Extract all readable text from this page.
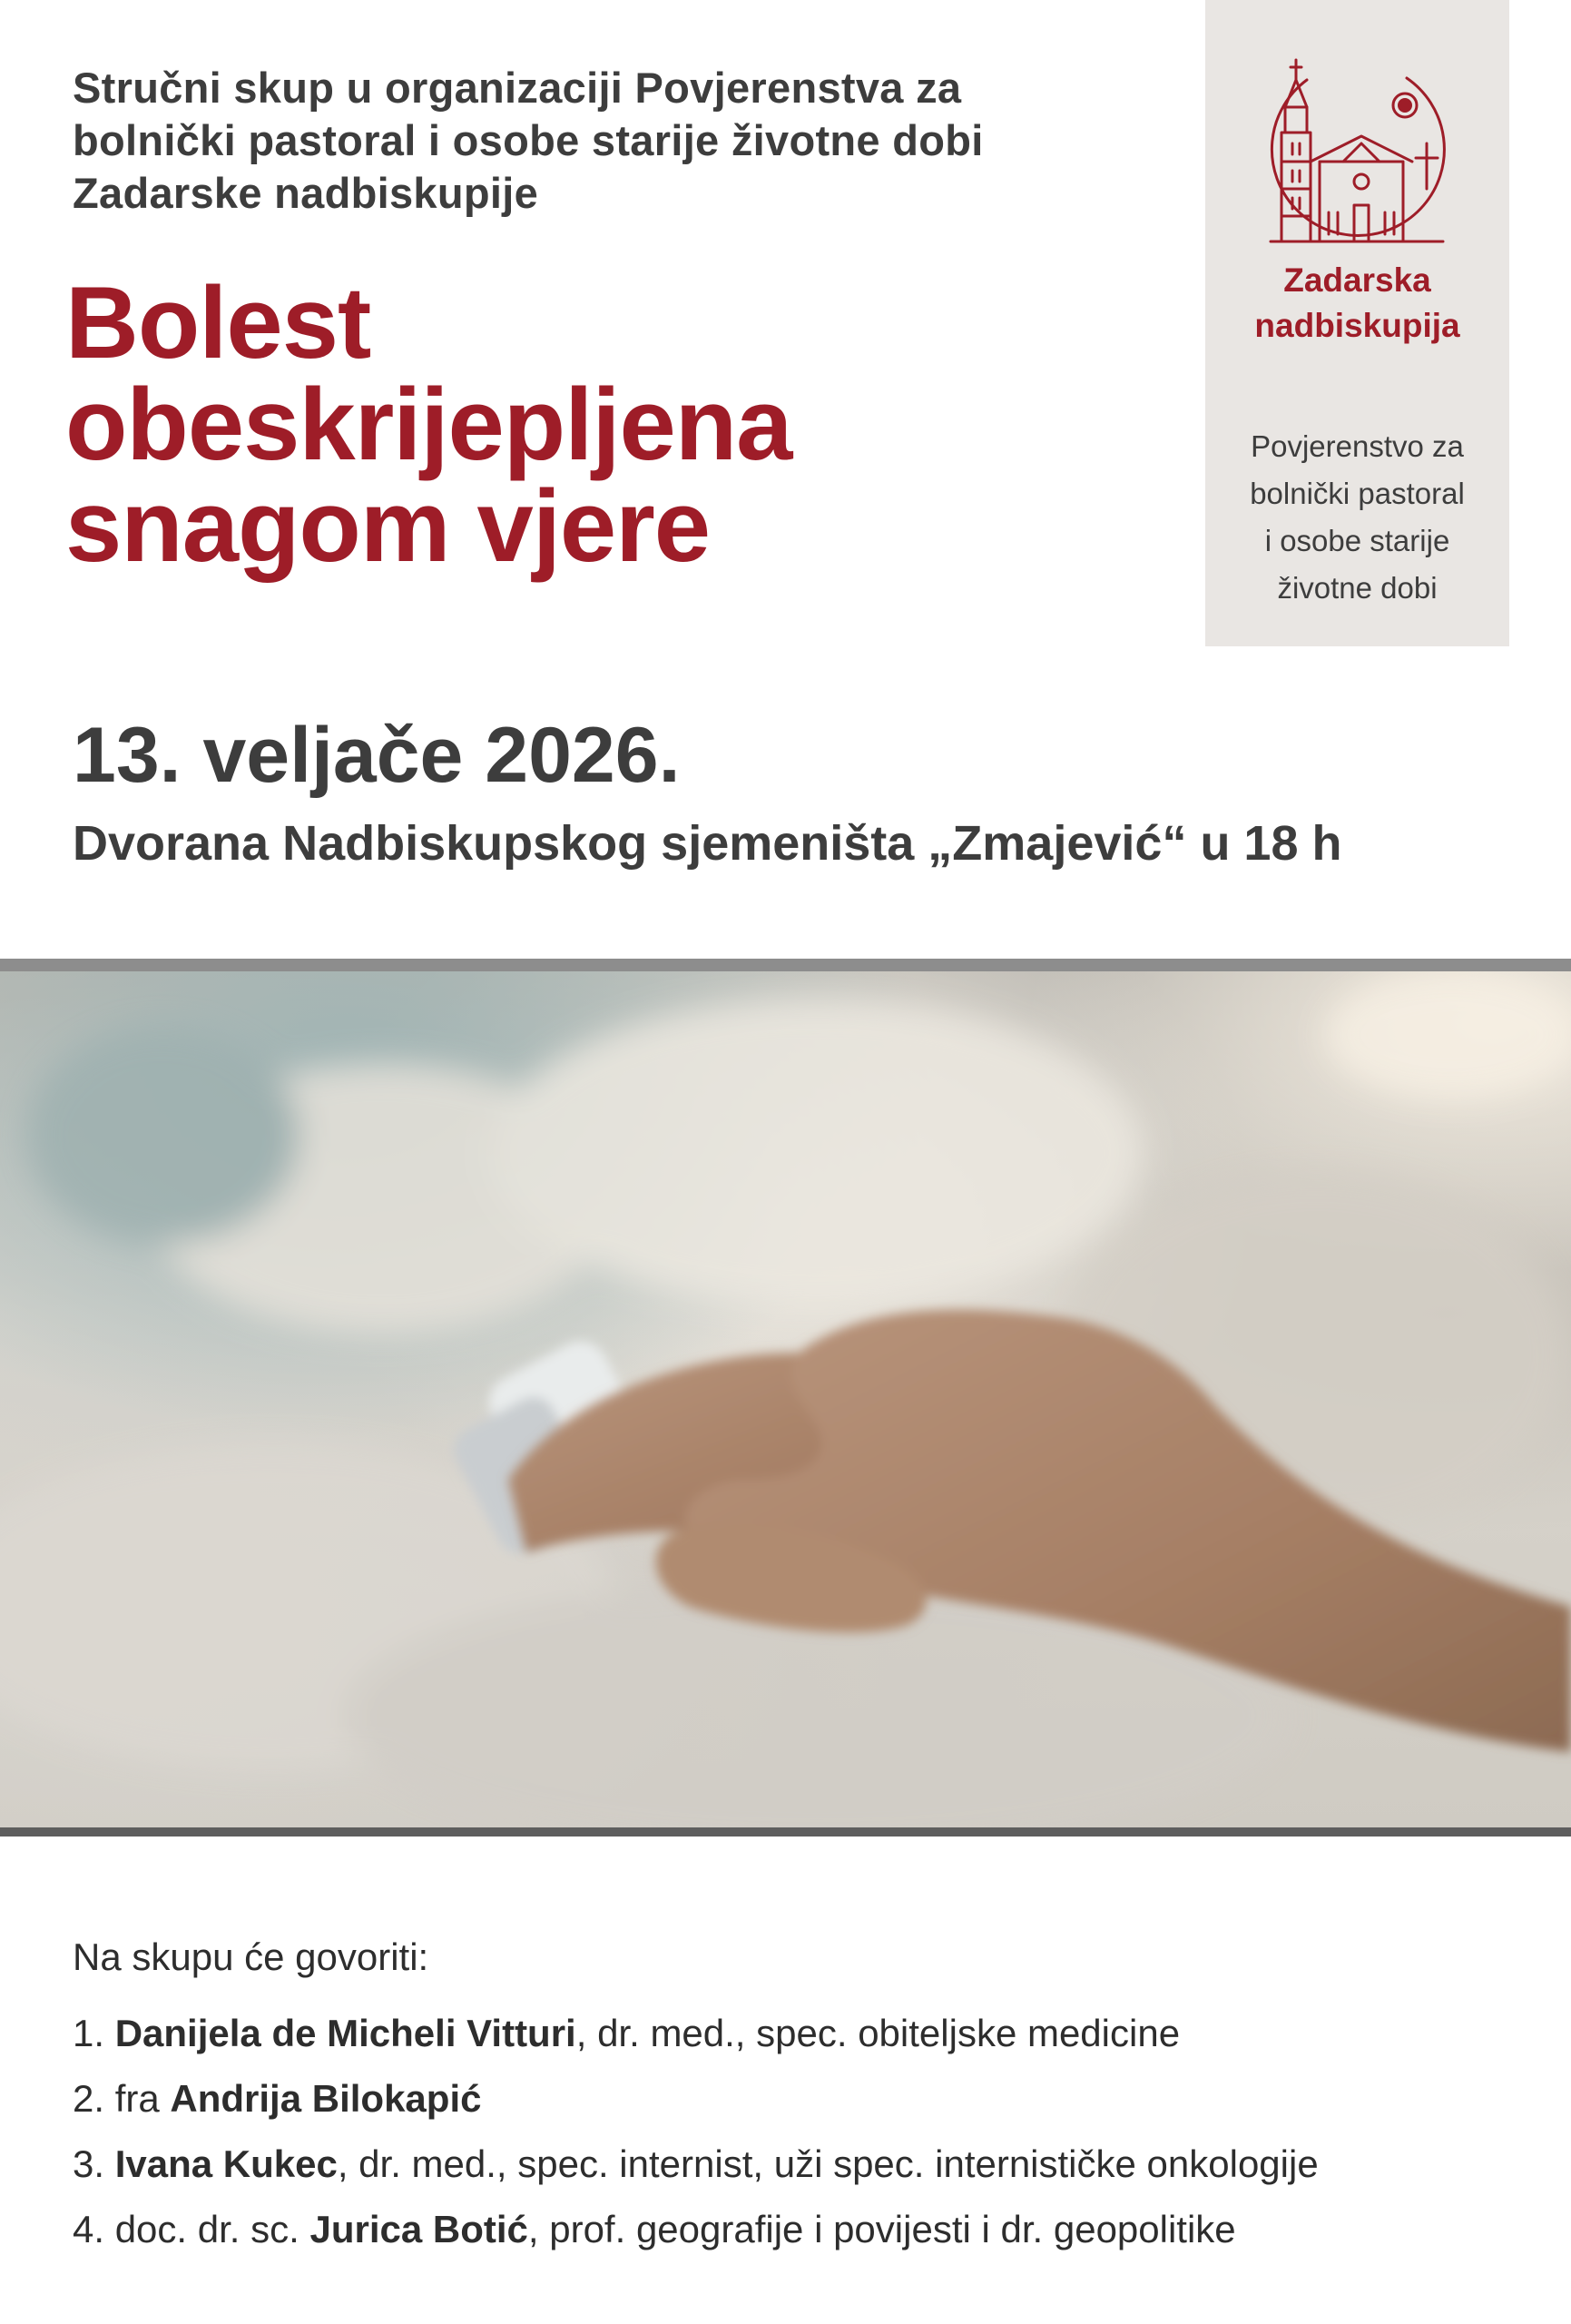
Stručni skup u organizaciji Povjerenstva za
bolnički pastoral i osobe starije životne dobi
Zadarske nadbiskupije
Bolest
obeskrijepljena
snagom vjere
13. veljače 2026.
Dvorana Nadbiskupskog sjemeništa „Zmajević“ u 18 h
Zadarska
nadbiskupija
Povjerenstvo za
bolnički pastoral
i osobe starije
životne dobi
Na skupu će govoriti:
1. Danijela de Micheli Vitturi, dr. med., spec. obiteljske medicine
2. fra Andrija Bilokapić
3. Ivana Kukec, dr. med., spec. internist, uži spec. internističke onkologije
4. doc. dr. sc. Jurica Botić, prof. geografije i povijesti i dr. geopolitike
